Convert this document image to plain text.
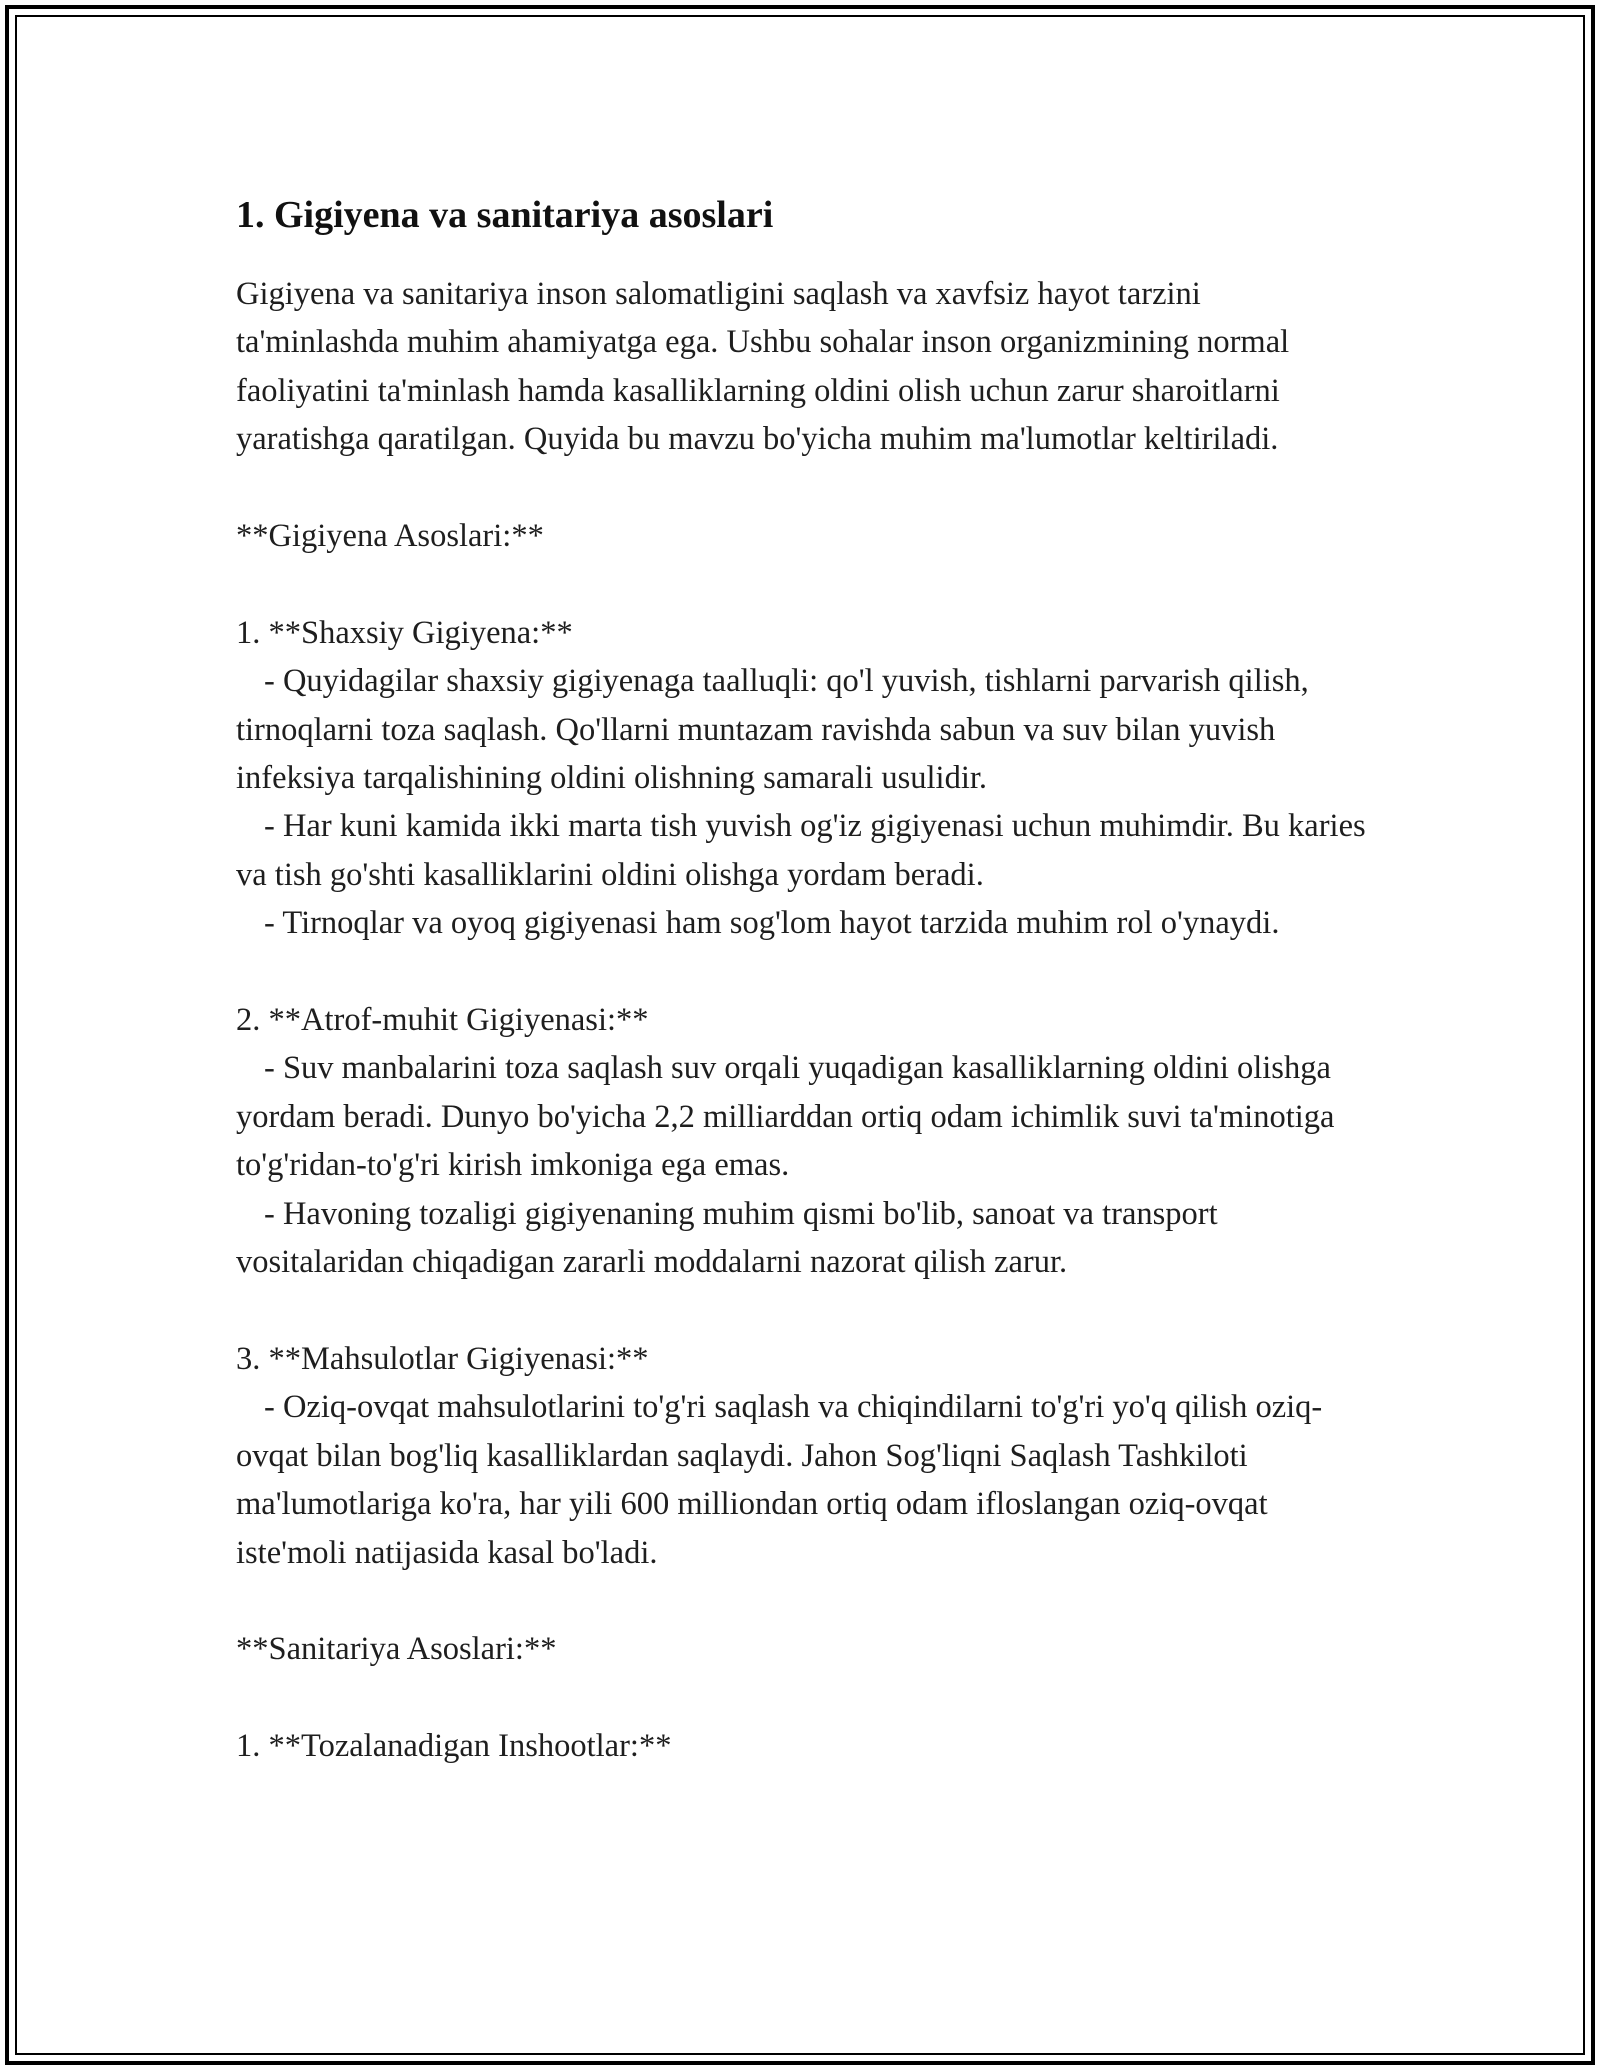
1. Gigiyena va sanitariya asoslari

Gigiyena va sanitariya inson salomatligini saqlash va xavfsiz hayot tarzini ta'minlashda muhim ahamiyatga ega. Ushbu sohalar inson organizmining normal faoliyatini ta'minlash hamda kasalliklarning oldini olish uchun zarur sharoitlarni yaratishga qaratilgan. Quyida bu mavzu bo'yicha muhim ma'lumotlar keltiriladi.

**Gigiyena Asoslari:**

1. **Shaxsiy Gigiyena:**

- Quyidagilar shaxsiy gigiyenaga taalluqli: qo'l yuvish, tishlarni parvarish qilish, tirnoqlarni toza saqlash. Qo'llarni muntazam ravishda sabun va suv bilan yuvish infeksiya tarqalishining oldini olishning samarali usulidir.

- Har kuni kamida ikki marta tish yuvish og'iz gigiyenasi uchun muhimdir. Bu karies va tish go'shti kasalliklarini oldini olishga yordam beradi.

- Tirnoqlar va oyoq gigiyenasi ham sog'lom hayot tarzida muhim rol o'ynaydi.

2. **Atrof-muhit Gigiyenasi:**

- Suv manbalarini toza saqlash suv orqali yuqadigan kasalliklarning oldini olishga yordam beradi. Dunyo bo'yicha 2,2 milliarddan ortiq odam ichimlik suvi ta'minotiga to'g'ridan-to'g'ri kirish imkoniga ega emas.

- Havoning tozaligi gigiyenaning muhim qismi bo'lib, sanoat va transport vositalaridan chiqadigan zararli moddalarni nazorat qilish zarur.

3. **Mahsulotlar Gigiyenasi:**

- Oziq-ovqat mahsulotlarini to'g'ri saqlash va chiqindilarni to'g'ri yo'q qilish oziq-ovqat bilan bog'liq kasalliklardan saqlaydi. Jahon Sog'liqni Saqlash Tashkiloti ma'lumotlariga ko'ra, har yili 600 milliondan ortiq odam ifloslangan oziq-ovqat iste'moli natijasida kasal bo'ladi.

**Sanitariya Asoslari:**

1. **Tozalanadigan Inshootlar:**
